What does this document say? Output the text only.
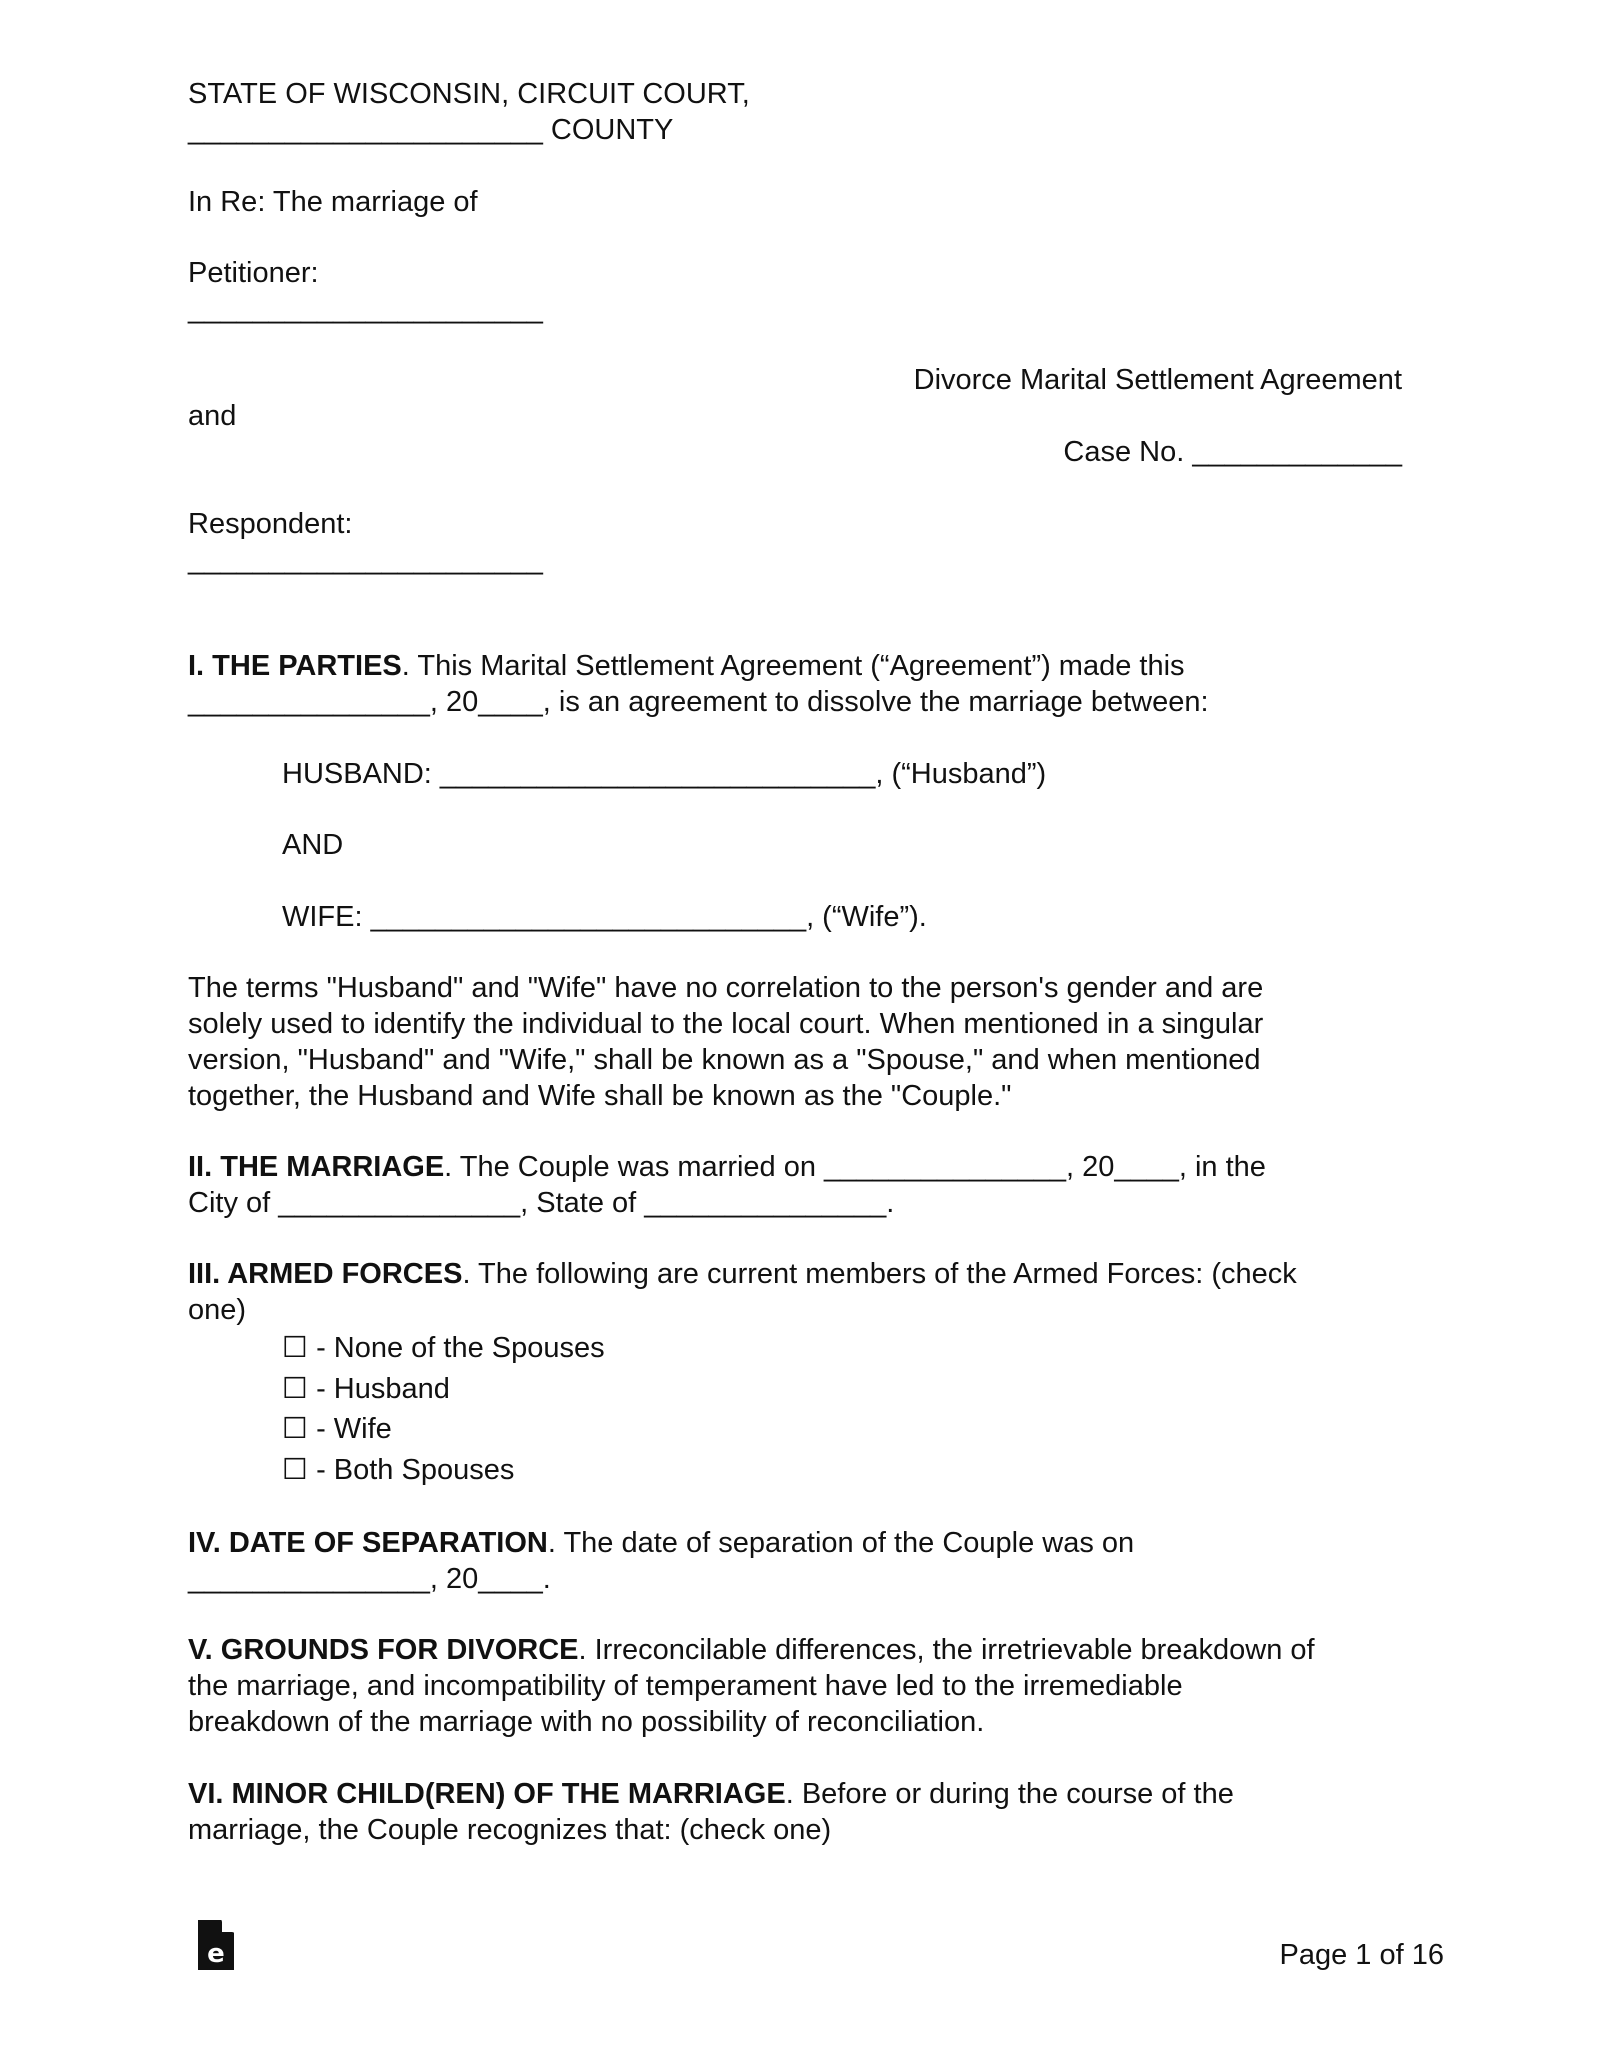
STATE OF WISCONSIN, CIRCUIT COURT,
______________________ COUNTY
In Re: The marriage of
Petitioner:
______________________
Divorce Marital Settlement Agreement
and
Case No. _____________
Respondent:
______________________
I. THE PARTIES. This Marital Settlement Agreement (“Agreement”) made this
_______________, 20____, is an agreement to dissolve the marriage between:
HUSBAND: ___________________________, (“Husband”)
AND
WIFE: ___________________________, (“Wife”).
The terms "Husband" and "Wife" have no correlation to the person's gender and are
solely used to identify the individual to the local court. When mentioned in a singular
version, "Husband" and "Wife," shall be known as a "Spouse," and when mentioned
together, the Husband and Wife shall be known as the "Couple."
II. THE MARRIAGE. The Couple was married on _______________, 20____, in the
City of _______________, State of _______________.
III. ARMED FORCES. The following are current members of the Armed Forces: (check
one)
☐ - None of the Spouses
☐ - Husband
☐ - Wife
☐ - Both Spouses
IV. DATE OF SEPARATION. The date of separation of the Couple was on
_______________, 20____.
V. GROUNDS FOR DIVORCE. Irreconcilable differences, the irretrievable breakdown of
the marriage, and incompatibility of temperament have led to the irremediable
breakdown of the marriage with no possibility of reconciliation.
VI. MINOR CHILD(REN) OF THE MARRIAGE. Before or during the course of the
marriage, the Couple recognizes that: (check one)
e	Page 1 of 16
